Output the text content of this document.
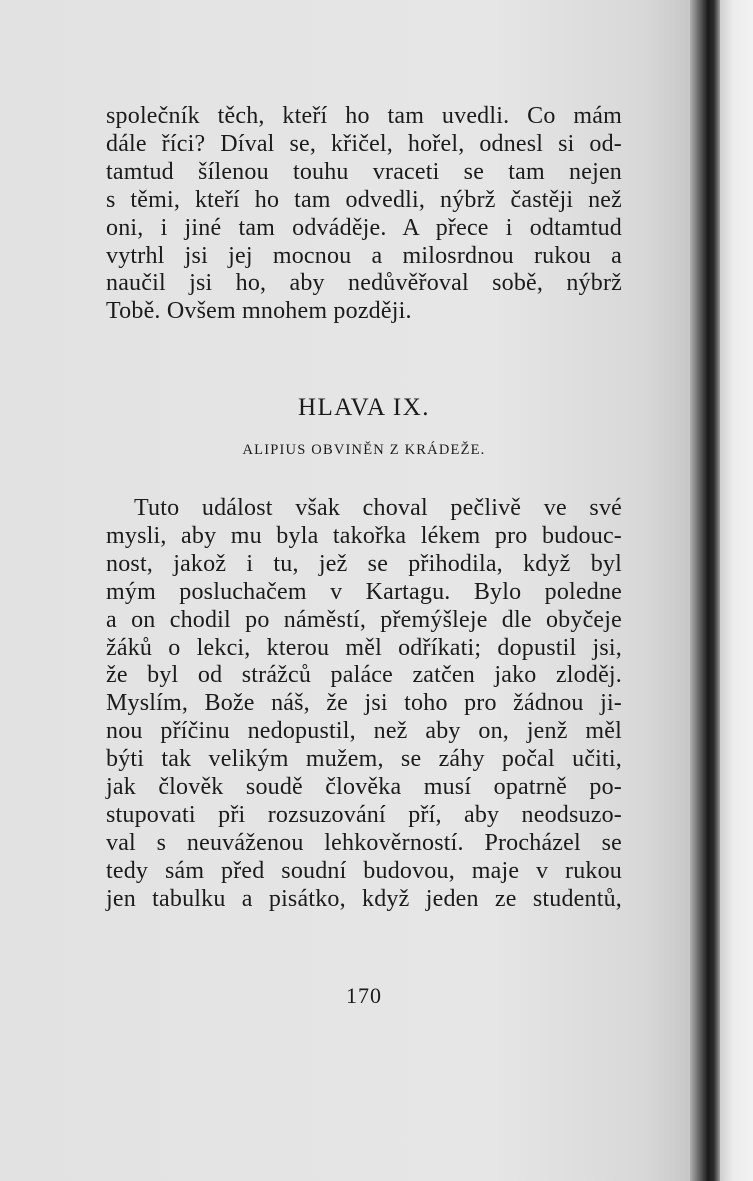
společník těch, kteří ho tam uvedli. Co mám
dále říci? Díval se, křičel, hořel, odnesl si od-
tamtud šílenou touhu vraceti se tam nejen
s těmi, kteří ho tam odvedli, nýbrž častěji než
oni, i jiné tam odváděje. A přece i odtamtud
vytrhl jsi jej mocnou a milosrdnou rukou a
naučil jsi ho, aby nedůvěřoval sobě, nýbrž
Tobě. Ovšem mnohem později.
HLAVA IX.
ALIPIUS OBVINĚN Z KRÁDEŽE.
Tuto událost však choval pečlivě ve své
mysli, aby mu byla takořka lékem pro budouc-
nost, jakož i tu, jež se přihodila, když byl
mým posluchačem v Kartagu. Bylo poledne
a on chodil po náměstí, přemýšleje dle obyčeje
žáků o lekci, kterou měl odříkati; dopustil jsi,
že byl od strážců paláce zatčen jako zloděj.
Myslím, Bože náš, že jsi toho pro žádnou ji-
nou příčinu nedopustil, než aby on, jenž měl
býti tak velikým mužem, se záhy počal učiti,
jak člověk soudě člověka musí opatrně po-
stupovati při rozsuzování pří, aby neodsuzo-
val s neuváženou lehkověrností. Procházel se
tedy sám před soudní budovou, maje v rukou
jen tabulku a pisátko, když jeden ze studentů,
170
